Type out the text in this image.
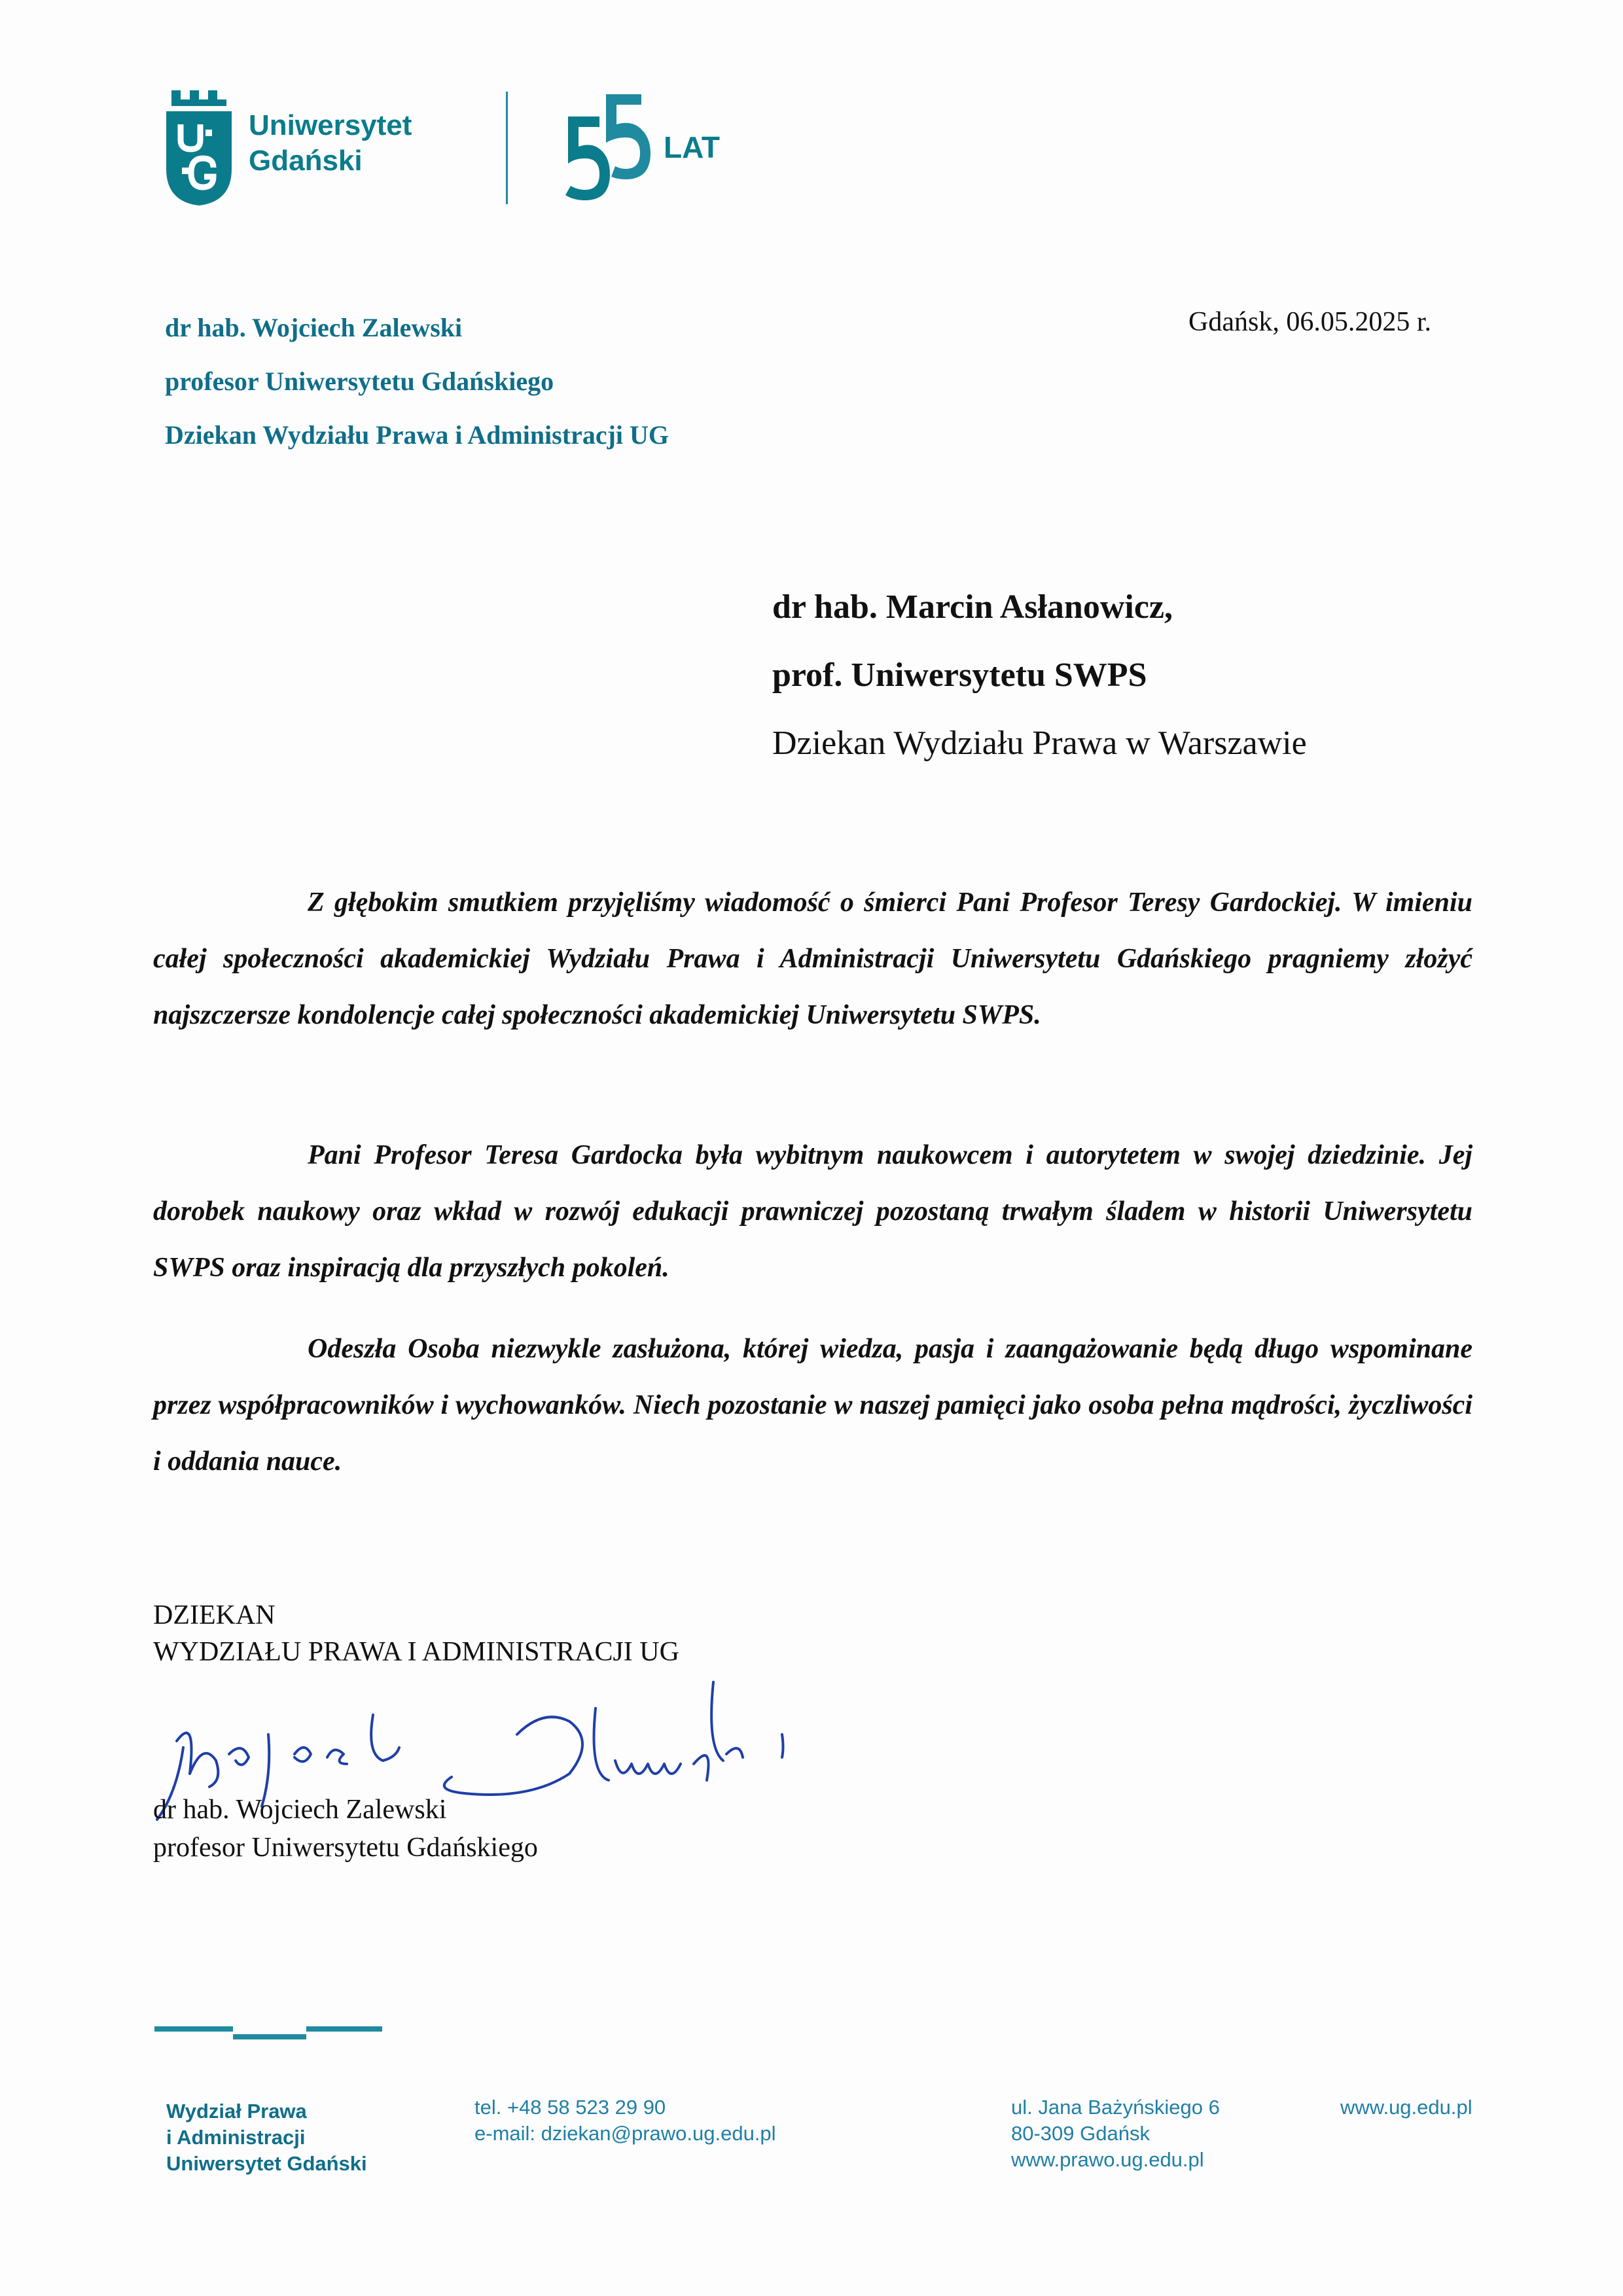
Uniwersytet
Gdański	LAT
dr hab. Wojciech Zalewski
profesor Uniwersytetu Gdańskiego
Dziekan Wydziału Prawa i Administracji UG
Gdańsk, 06.05.2025 r.
dr hab. Marcin Asłanowicz,
prof. Uniwersytetu SWPS
Dziekan Wydziału Prawa w Warszawie

Z głębokim smutkiem przyjęliśmy wiadomość o śmierci Pani Profesor Teresy Gardockiej. W imieniu całej społeczności akademickiej Wydziału Prawa i Administracji Uniwersytetu Gdańskiego pragniemy złożyć najszczersze kondolencje całej społeczności akademickiej Uniwersytetu SWPS.

Pani Profesor Teresa Gardocka była wybitnym naukowcem i autorytetem w swojej dziedzinie. Jej dorobek naukowy oraz wkład w rozwój edukacji prawniczej pozostaną trwałym śladem w historii Uniwersytetu SWPS oraz inspiracją dla przyszłych pokoleń.

Odeszła Osoba niezwykle zasłużona, której wiedza, pasja i zaangażowanie będą długo wspominane przez współpracowników i wychowanków. Niech pozostanie w naszej pamięci jako osoba pełna mądrości, życzliwości i oddania nauce.

DZIEKAN
WYDZIAŁU PRAWA I ADMINISTRACJI UG
dr hab. Wojciech Zalewski
profesor Uniwersytetu Gdańskiego
Wydział Prawa
i Administracji
Uniwersytet Gdański
tel. +48 58 523 29 90
e-mail: dziekan@prawo.ug.edu.pl
ul. Jana Bażyńskiego 6
80-309 Gdańsk
www.prawo.ug.edu.pl
www.ug.edu.pl
